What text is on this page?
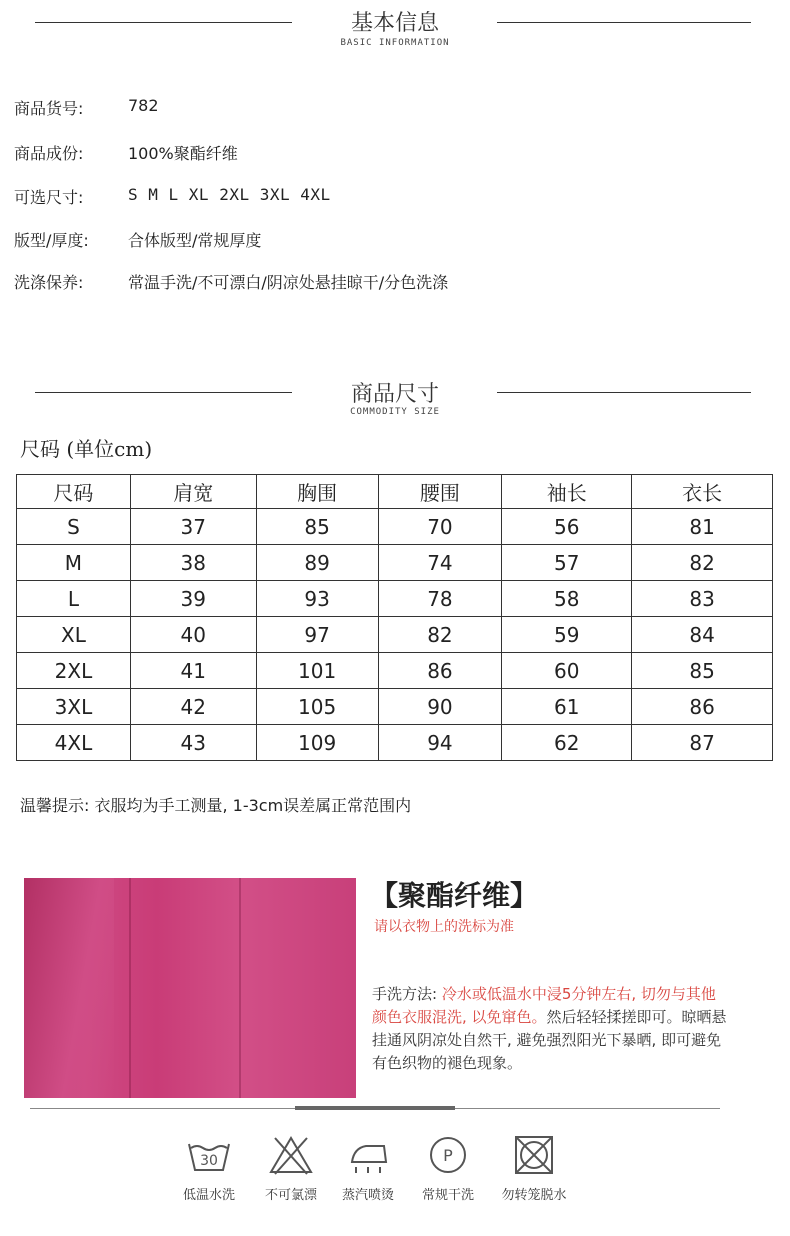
基本信息
BASIC INFORMATION
商品货号:	782
商品成份:	100%聚酯纤维
可选尺寸:	S M L XL 2XL 3XL 4XL
版型/厚度: 合体版型/常规厚度
洗涤保养:	常温手洗/不可漂白/阴凉处悬挂晾干/分色洗涤
商品尺寸
COMMODITY SIZE
尺码 (单位cm)
尺码	肩宽	胸围	腰围	袖长	衣长
S	37	85	70	56	81
M	38	89	74	57	82
L	39	93	78	58	83
XL	40	97	82	59	84
2XL	41	101	86	60	85
3XL	42	105	90	61	86
4XL	43	109	94	62	87
温馨提示: 衣服均为手工测量, 1-3cm误差属正常范围内
【聚酯纤维】
请以衣物上的洗标为准
手洗方法: 冷水或低温水中浸5分钟左右, 切勿与其他颜色衣服混洗, 以免窜色。然后轻轻揉搓即可。晾晒悬挂通风阴凉处自然干, 避免强烈阳光下暴晒, 即可避免有色织物的褪色现象。
30
低温水洗	不可氯漂	蒸汽喷烫
P
常规干洗	勿转笼脱水
